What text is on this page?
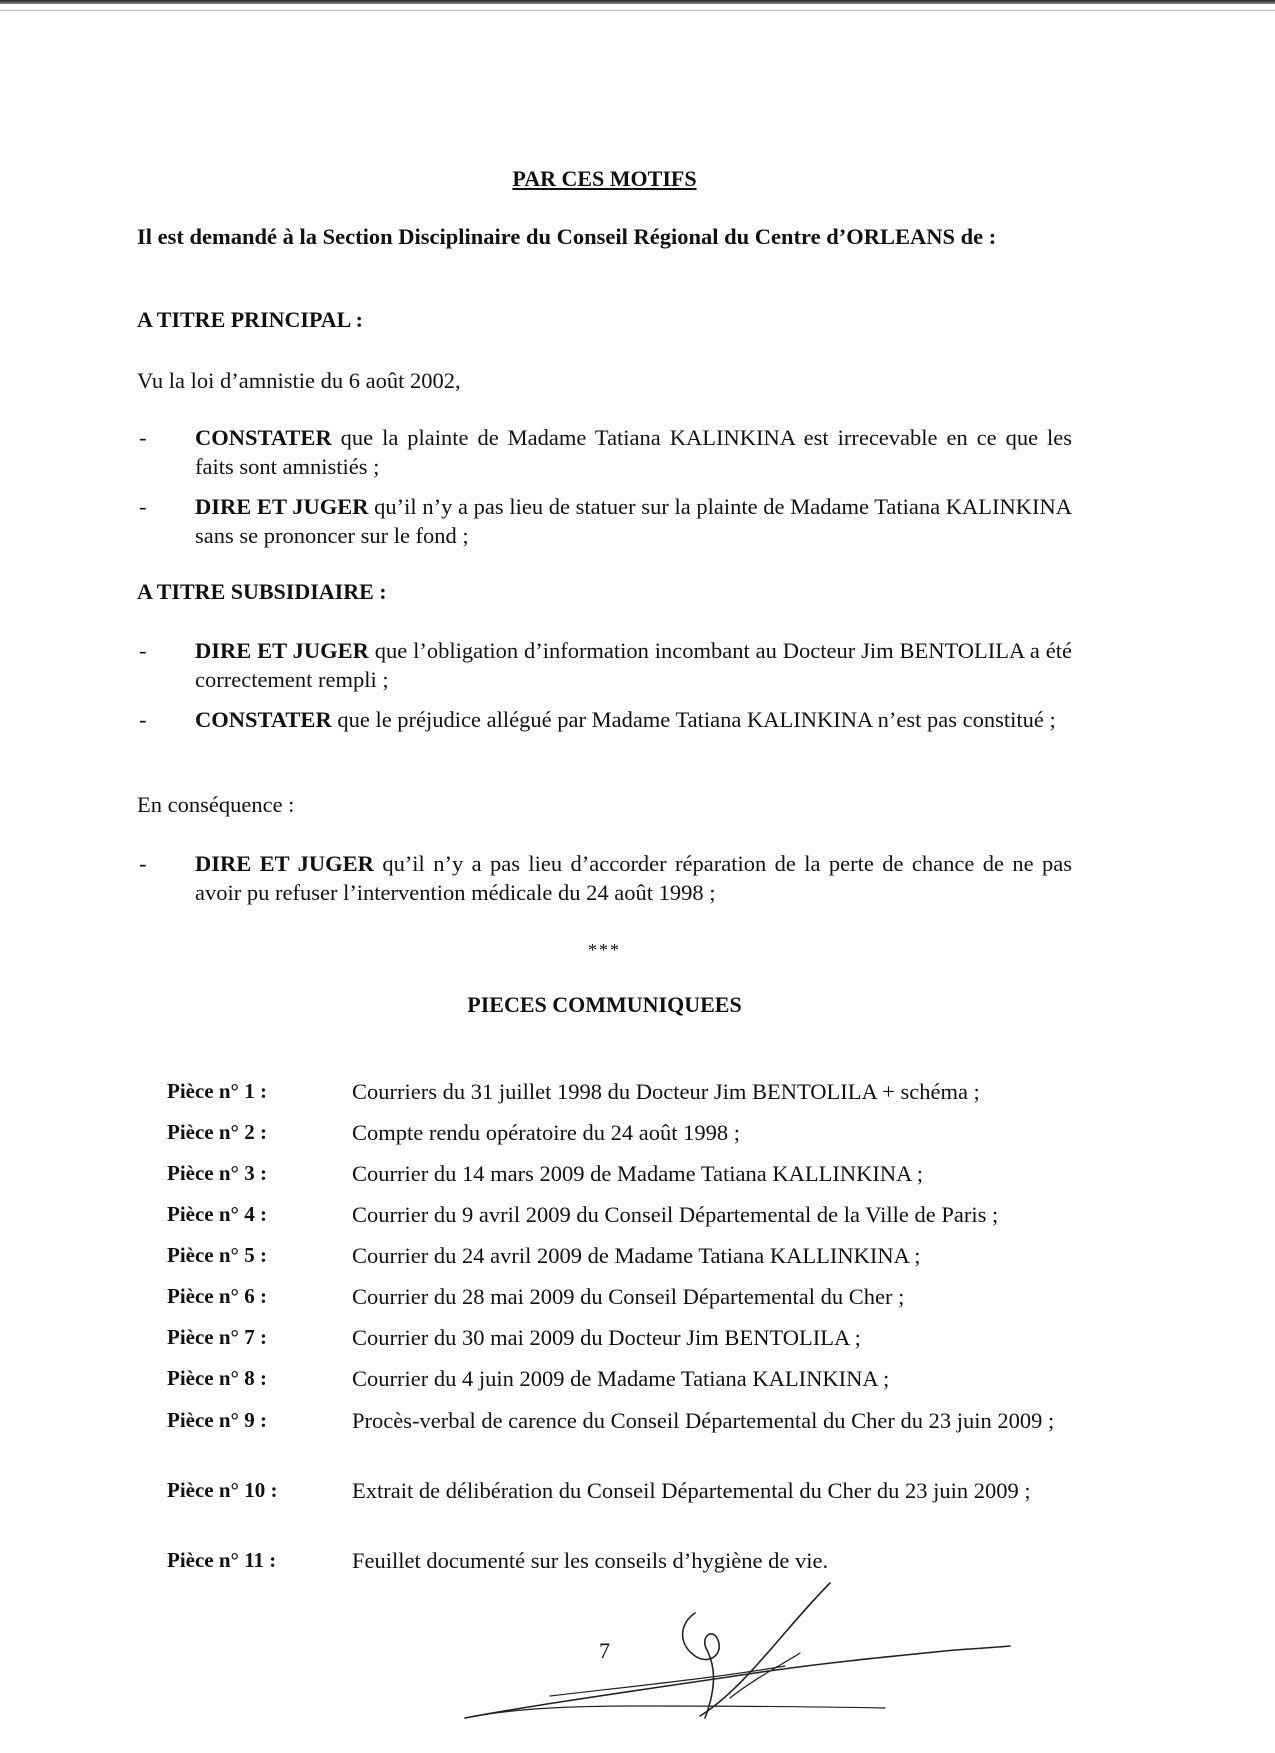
PAR CES MOTIFS
Il est demandé à la Section Disciplinaire du Conseil Régional du Centre d’ORLEANS de :
A TITRE PRINCIPAL :
Vu la loi d’amnistie du 6 août 2002,
- CONSTATER que la plainte de Madame Tatiana KALINKINA est irrecevable en ce que les faits sont amnistiés ;
- DIRE ET JUGER qu’il n’y a pas lieu de statuer sur la plainte de Madame Tatiana KALINKINA sans se prononcer sur le fond ;
A TITRE SUBSIDIAIRE :
- DIRE ET JUGER que l’obligation d’information incombant au Docteur Jim BENTOLILA a été correctement rempli ;
- CONSTATER que le préjudice allégué par Madame Tatiana KALINKINA n’est pas constitué ;
En conséquence :
- DIRE ET JUGER qu’il n’y a pas lieu d’accorder réparation de la perte de chance de ne pas avoir pu refuser l’intervention médicale du 24 août 1998 ;
***
PIECES COMMUNIQUEES
Pièce n° 1 :	Courriers du 31 juillet 1998 du Docteur Jim BENTOLILA + schéma ;
Pièce n° 2 :	Compte rendu opératoire du 24 août 1998 ;
Pièce n° 3 :	Courrier du 14 mars 2009 de Madame Tatiana KALLINKINA ;
Pièce n° 4 :	Courrier du 9 avril 2009 du Conseil Départemental de la Ville de Paris ;
Pièce n° 5 :	Courrier du 24 avril 2009 de Madame Tatiana KALLINKINA ;
Pièce n° 6 :	Courrier du 28 mai 2009 du Conseil Départemental du Cher ;
Pièce n° 7 :	Courrier du 30 mai 2009 du Docteur Jim BENTOLILA ;
Pièce n° 8 :	Courrier du 4 juin 2009 de Madame Tatiana KALINKINA ;
Pièce n° 9 :	Procès-verbal de carence du Conseil Départemental du Cher du 23 juin 2009 ;
Pièce n° 10 :	Extrait de délibération du Conseil Départemental du Cher du 23 juin 2009 ;
Pièce n° 11 :	Feuillet documenté sur les conseils d’hygiène de vie.
7
